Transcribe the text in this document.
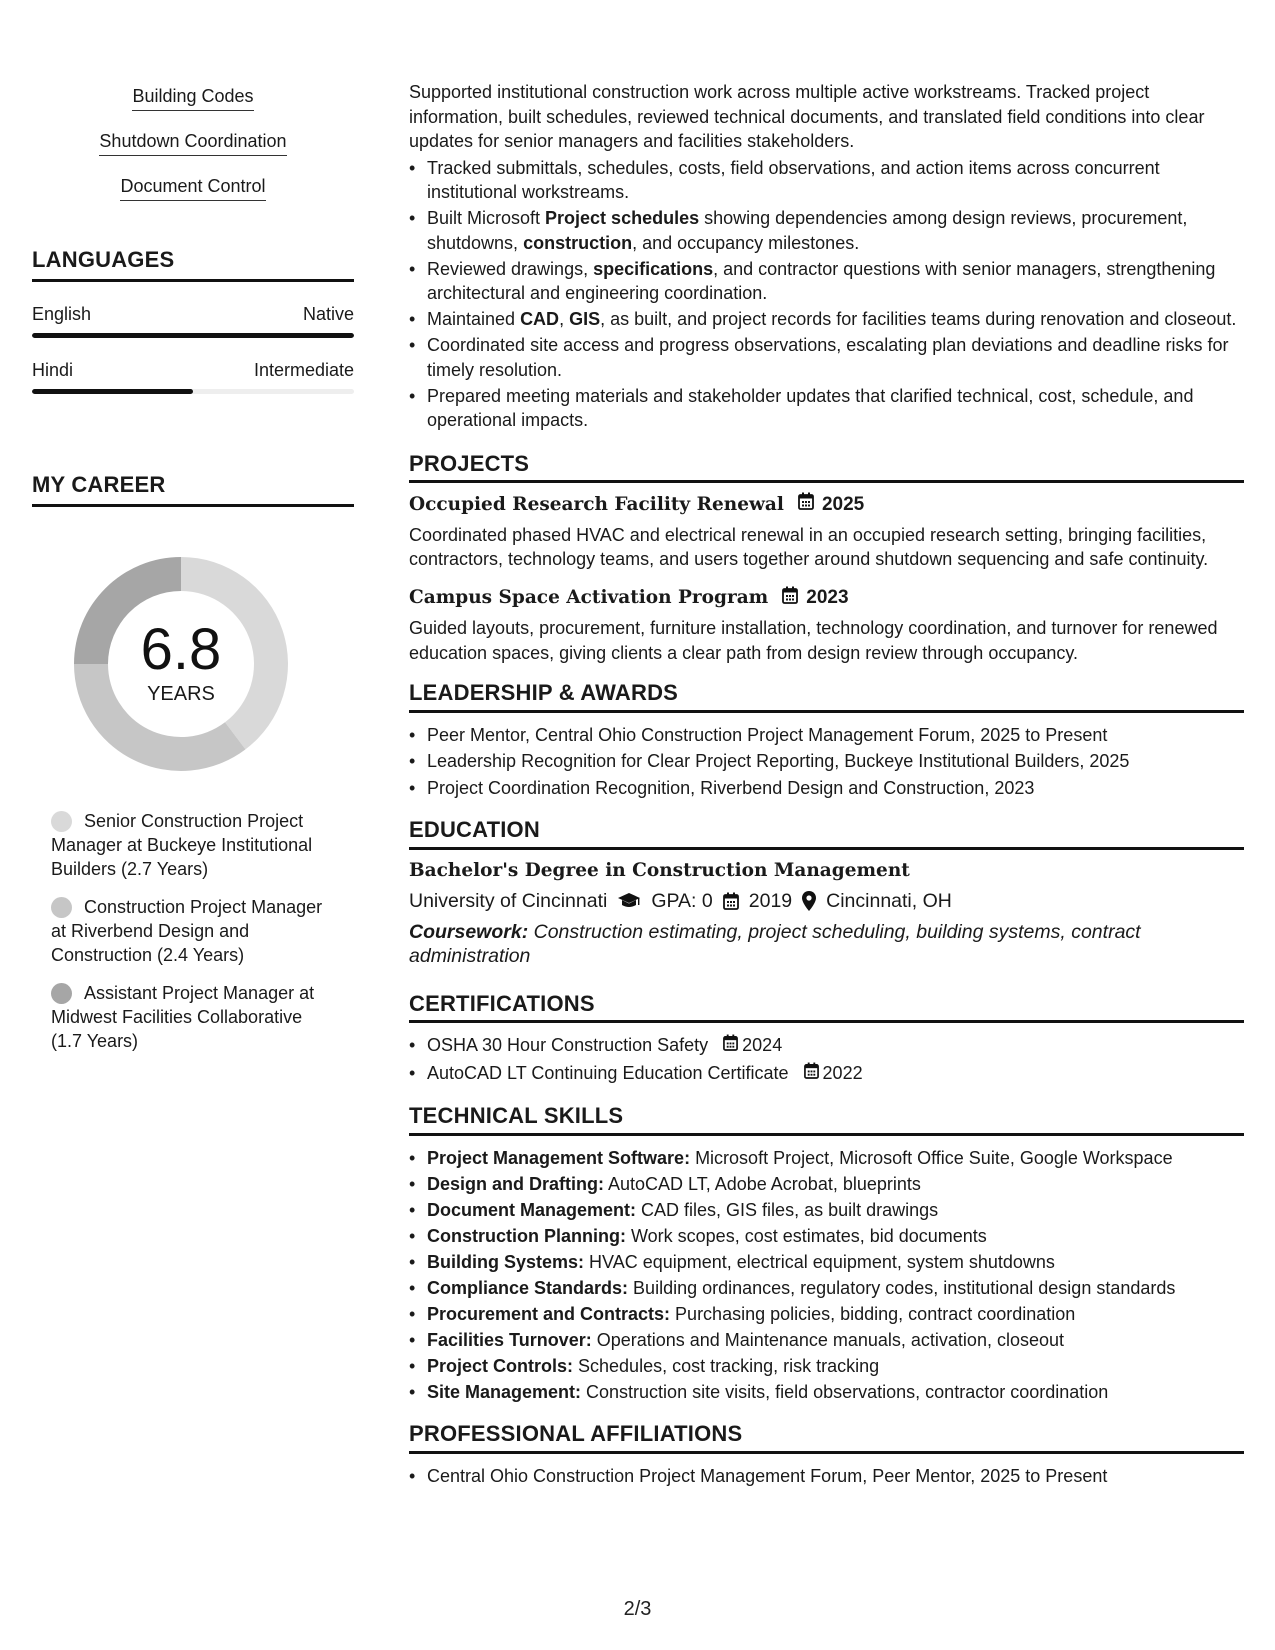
Building Codes
Shutdown Coordination
Document Control
LANGUAGES
English	Native
Hindi	Intermediate
MY CAREER
6.8
YEARS
Senior Construction Project Manager at Buckeye Institutional Builders (2.7 Years)
Construction Project Manager at Riverbend Design and Construction (2.4 Years)
Assistant Project Manager at Midwest Facilities Collaborative (1.7 Years)

Supported institutional construction work across multiple active workstreams. Tracked project information, built schedules, reviewed technical documents, and translated field conditions into clear updates for senior managers and facilities stakeholders.

• Tracked submittals, schedules, costs, field observations, and action items across concurrent institutional workstreams.
• Built Microsoft Project schedules showing dependencies among design reviews, procurement, shutdowns, construction, and occupancy milestones.
• Reviewed drawings, specifications, and contractor questions with senior managers, strengthening architectural and engineering coordination.
• Maintained CAD, GIS, as built, and project records for facilities teams during renovation and closeout.
• Coordinated site access and progress observations, escalating plan deviations and deadline risks for timely resolution.
• Prepared meeting materials and stakeholder updates that clarified technical, cost, schedule, and operational impacts.
PROJECTS
Occupied Research Facility Renewal 2025

Coordinated phased HVAC and electrical renewal in an occupied research setting, bringing facilities, contractors, technology teams, and users together around shutdown sequencing and safe continuity.

Campus Space Activation Program 2023

Guided layouts, procurement, furniture installation, technology coordination, and turnover for renewed education spaces, giving clients a clear path from design review through occupancy.

LEADERSHIP & AWARDS
• Peer Mentor, Central Ohio Construction Project Management Forum, 2025 to Present
• Leadership Recognition for Clear Project Reporting, Buckeye Institutional Builders, 2025
• Project Coordination Recognition, Riverbend Design and Construction, 2023
EDUCATION
Bachelor's Degree in Construction Management
University of Cincinnati GPA: 0 2019 Cincinnati, OH

Coursework: Construction estimating, project scheduling, building systems, contract administration

CERTIFICATIONS
• OSHA 30 Hour Construction Safety 2024
• AutoCAD LT Continuing Education Certificate 2022
TECHNICAL SKILLS
• Project Management Software: Microsoft Project, Microsoft Office Suite, Google Workspace
• Design and Drafting: AutoCAD LT, Adobe Acrobat, blueprints
• Document Management: CAD files, GIS files, as built drawings
• Construction Planning: Work scopes, cost estimates, bid documents
• Building Systems: HVAC equipment, electrical equipment, system shutdowns
• Compliance Standards: Building ordinances, regulatory codes, institutional design standards
• Procurement and Contracts: Purchasing policies, bidding, contract coordination
• Facilities Turnover: Operations and Maintenance manuals, activation, closeout
• Project Controls: Schedules, cost tracking, risk tracking
• Site Management: Construction site visits, field observations, contractor coordination
PROFESSIONAL AFFILIATIONS
• Central Ohio Construction Project Management Forum, Peer Mentor, 2025 to Present
2/3
